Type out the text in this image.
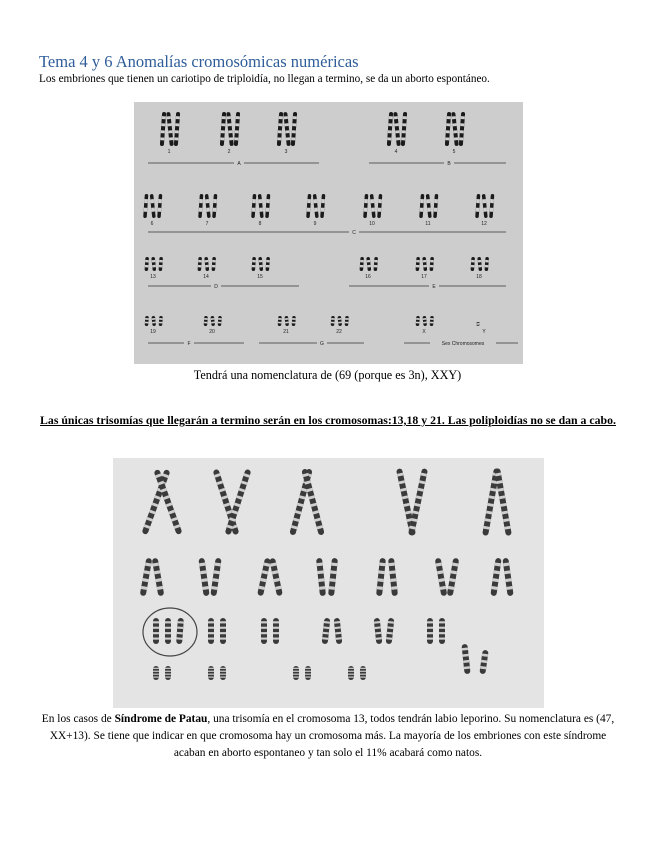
Tema 4 y 6 Anomalías cromosómicas numéricas
Los embriones que tienen un cariotipo de triploidía, no llegan a termino, se da un aborto espontáneo.
1	2	3	4	5
6	7	8	9	10	11	12
13	14	15	16	17	18
19	20	21	22	X	Y
A	B
C
D	E
F	G	Sex Chromosomes
Tendrá una nomenclatura de (69 (porque es 3n), XXY)
Las únicas trisomías que llegarán a termino serán en los cromosomas:13,18 y 21. Las poliploidías no se dan a cabo.
En los casos de Síndrome de Patau, una trisomía en el cromosoma 13, todos tendrán labio leporino. Su nomenclatura es (47, XX+13). Se tiene que indicar en que cromosoma hay un cromosoma más. La mayoría de los embriones con este síndrome acaban en aborto espontaneo y tan solo el 11% acabará como natos.
